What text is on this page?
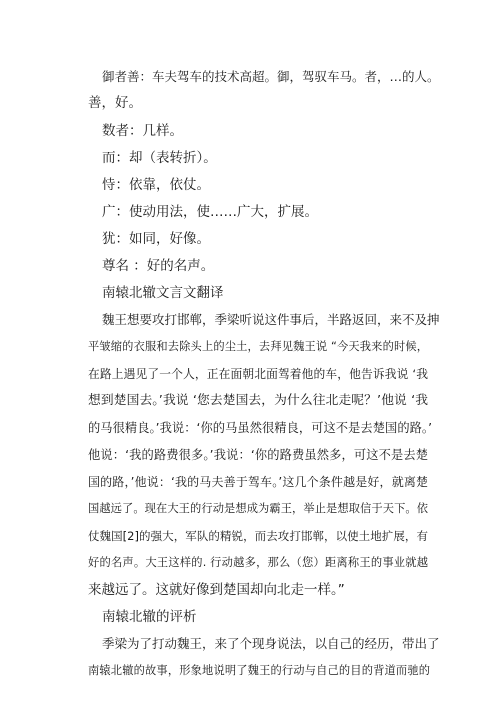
御者善：车夫驾车的技术高超。御，驾驭车马。者，…的人。

善，好。

数者：几样。

而：却（表转折）。

恃：依靠，依仗。

广：使动用法，使……广大，扩展。

犹：如同，好像。

尊名 ：好的名声。

南辕北辙文言文翻译

魏王想要攻打邯郸，季梁听说这件事后，半路返回，来不及抻

平皱缩的衣服和去除头上的尘土，去拜见魏王说 “今天我来的时候，

在路上遇见了一个人，正在面朝北面驾着他的车，他告诉我说 ‘我

想到楚国去。’我说 ‘您去楚国去，为什么往北走呢？’他说 ‘我

的马很精良。’我说：‘你的马虽然很精良，可这不是去楚国的路。’

他说：‘我的路费很多。’我说：‘你的路费虽然多，可这不是去楚

国的路，’他说：‘我的马夫善于驾车。’这几个条件越是好，就离楚

国越远了。现在大王的行动是想成为霸王，举止是想取信于天下。依

仗魏国[2]的强大，军队的精锐，而去攻打邯郸，以使土地扩展，有

好的名声。大王这样的. 行动越多，那么（您）距离称王的事业就越

来越远了。这就好像到楚国却向北走一样。”

南辕北辙的评析

季梁为了打动魏王，来了个现身说法，以自己的经历，带出了

南辕北辙的故事，形象地说明了魏王的行动与自己的目的背道而驰的
